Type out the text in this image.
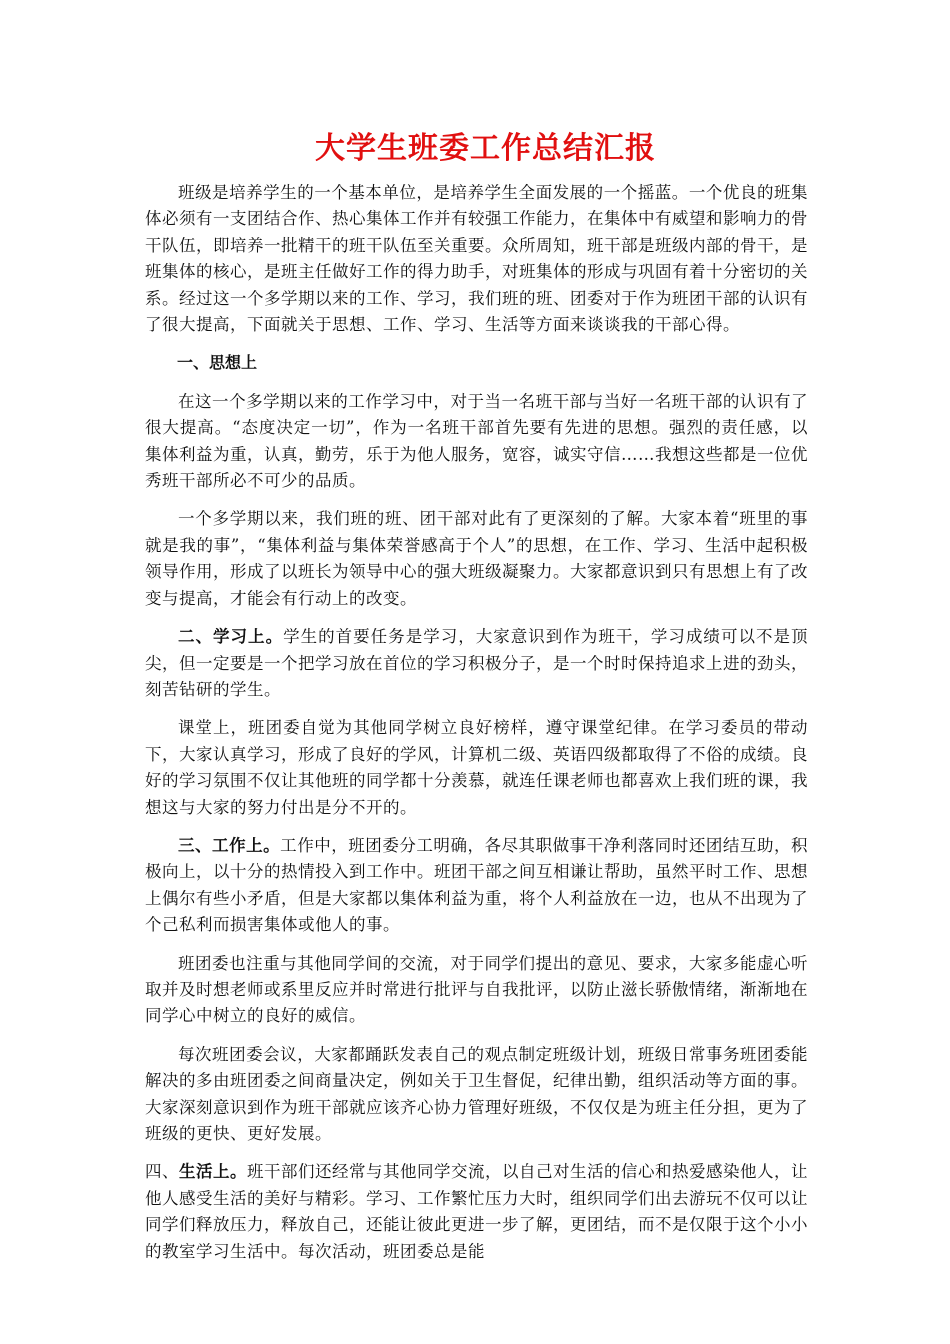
大学生班委工作总结汇报

班级是培养学生的一个基本单位，是培养学生全面发展的一个摇蓝。一个优良的班集体必须有一支团结合作、热心集体工作并有较强工作能力，在集体中有威望和影响力的骨干队伍，即培养一批精干的班干队伍至关重要。众所周知，班干部是班级内部的骨干，是班集体的核心，是班主任做好工作的得力助手，对班集体的形成与巩固有着十分密切的关系。经过这一个多学期以来的工作、学习，我们班的班、团委对于作为班团干部的认识有了很大提高，下面就关于思想、工作、学习、生活等方面来谈谈我的干部心得。

一、思想上

在这一个多学期以来的工作学习中，对于当一名班干部与当好一名班干部的认识有了很大提高。“态度决定一切”，作为一名班干部首先要有先进的思想。强烈的责任感，以集体利益为重，认真，勤劳，乐于为他人服务，宽容，诚实守信……我想这些都是一位优秀班干部所必不可少的品质。

一个多学期以来，我们班的班、团干部对此有了更深刻的了解。大家本着“班里的事就是我的事”，“集体利益与集体荣誉感高于个人”的思想，在工作、学习、生活中起积极领导作用，形成了以班长为领导中心的强大班级凝聚力。大家都意识到只有思想上有了改变与提高，才能会有行动上的改变。

二、学习上。学生的首要任务是学习，大家意识到作为班干，学习成绩可以不是顶尖，但一定要是一个把学习放在首位的学习积极分子，是一个时时保持追求上进的劲头，刻苦钻研的学生。

课堂上，班团委自觉为其他同学树立良好榜样，遵守课堂纪律。在学习委员的带动下，大家认真学习，形成了良好的学风，计算机二级、英语四级都取得了不俗的成绩。良好的学习氛围不仅让其他班的同学都十分羡慕，就连任课老师也都喜欢上我们班的课，我想这与大家的努力付出是分不开的。

三、工作上。工作中，班团委分工明确，各尽其职做事干净利落同时还团结互助，积极向上，以十分的热情投入到工作中。班团干部之间互相谦让帮助，虽然平时工作、思想上偶尔有些小矛盾，但是大家都以集体利益为重，将个人利益放在一边，也从不出现为了个己私利而损害集体或他人的事。

班团委也注重与其他同学间的交流，对于同学们提出的意见、要求，大家多能虚心听取并及时想老师或系里反应并时常进行批评与自我批评，以防止滋长骄傲情绪，渐渐地在同学心中树立的良好的威信。

每次班团委会议，大家都踊跃发表自己的观点制定班级计划，班级日常事务班团委能解决的多由班团委之间商量决定，例如关于卫生督促，纪律出勤，组织活动等方面的事。大家深刻意识到作为班干部就应该齐心协力管理好班级，不仅仅是为班主任分担，更为了班级的更快、更好发展。

四、生活上。班干部们还经常与其他同学交流，以自己对生活的信心和热爱感染他人，让他人感受生活的美好与精彩。学习、工作繁忙压力大时，组织同学们出去游玩不仅可以让同学们释放压力，释放自己，还能让彼此更进一步了解，更团结，而不是仅限于这个小小的教室学习生活中。每次活动，班团委总是能
